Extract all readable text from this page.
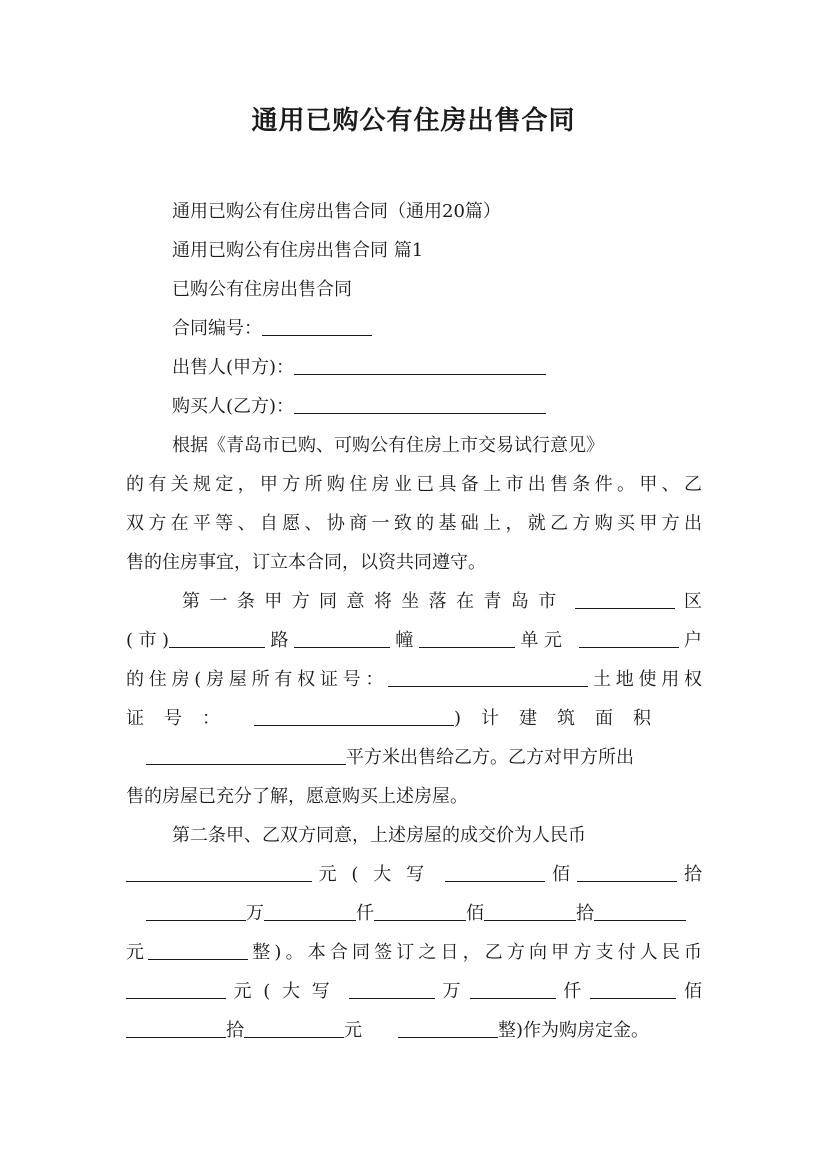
通用已购公有住房出售合同
通用已购公有住房出售合同（通用20篇）
通用已购公有住房出售合同 篇1
已购公有住房出售合同
合同编号：
出售人(甲方)：
购买人(乙方)：
根据《青岛市已购、可购公有住房上市交易试行意见》
的有关规定，甲方所购住房业已具备上市出售条件。甲、乙
双方在平等、自愿、协商一致的基础上，就乙方购买甲方出
售的住房事宜，订立本合同，以资共同遵守。
第一条甲方同意将坐落在青岛市	区
(市)	路	幢	单元	户
的住房(房屋所有权证号：	土地使用权
证号：	)计建筑面积
平方米出售给乙方。乙方对甲方所出
售的房屋已充分了解，愿意购买上述房屋。
第二条甲、乙双方同意，上述房屋的成交价为人民币
元(大写	佰	拾
万	仟	佰	拾
元	整)。本合同签订之日，乙方向甲方支付人民币
元(大写	万	仟	佰
拾	元	整)作为购房定金。
